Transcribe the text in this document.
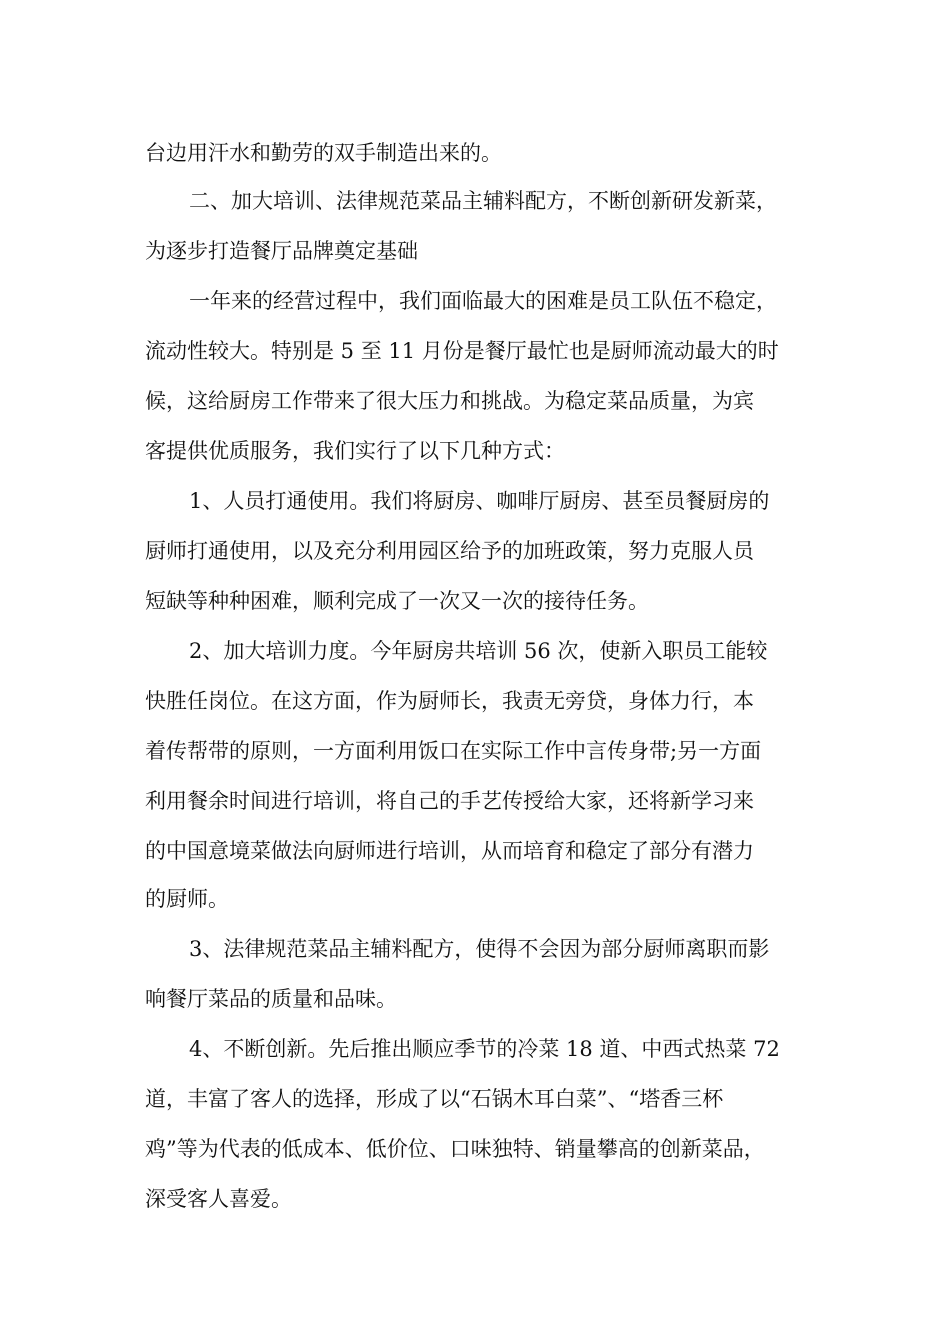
台边用汗水和勤劳的双手制造出来的。

二、加大培训、法律规范菜品主辅料配方，不断创新研发新菜，

为逐步打造餐厅品牌奠定基础

一年来的经营过程中，我们面临最大的困难是员工队伍不稳定，

流动性较大。特别是 5 至 11 月份是餐厅最忙也是厨师流动最大的时

候，这给厨房工作带来了很大压力和挑战。为稳定菜品质量，为宾

客提供优质服务，我们实行了以下几种方式：

1、人员打通使用。我们将厨房、咖啡厅厨房、甚至员餐厨房的

厨师打通使用，以及充分利用园区给予的加班政策，努力克服人员

短缺等种种困难，顺利完成了一次又一次的接待任务。

2、加大培训力度。今年厨房共培训 56 次，使新入职员工能较

快胜任岗位。在这方面，作为厨师长，我责无旁贷，身体力行，本

着传帮带的原则，一方面利用饭口在实际工作中言传身带;另一方面

利用餐余时间进行培训，将自己的手艺传授给大家，还将新学习来

的中国意境菜做法向厨师进行培训，从而培育和稳定了部分有潜力

的厨师。

3、法律规范菜品主辅料配方，使得不会因为部分厨师离职而影

响餐厅菜品的质量和品味。

4、不断创新。先后推出顺应季节的冷菜 18 道、中西式热菜 72

道，丰富了客人的选择，形成了以“石锅木耳白菜”、“塔香三杯

鸡”等为代表的低成本、低价位、口味独特、销量攀高的创新菜品，

深受客人喜爱。
